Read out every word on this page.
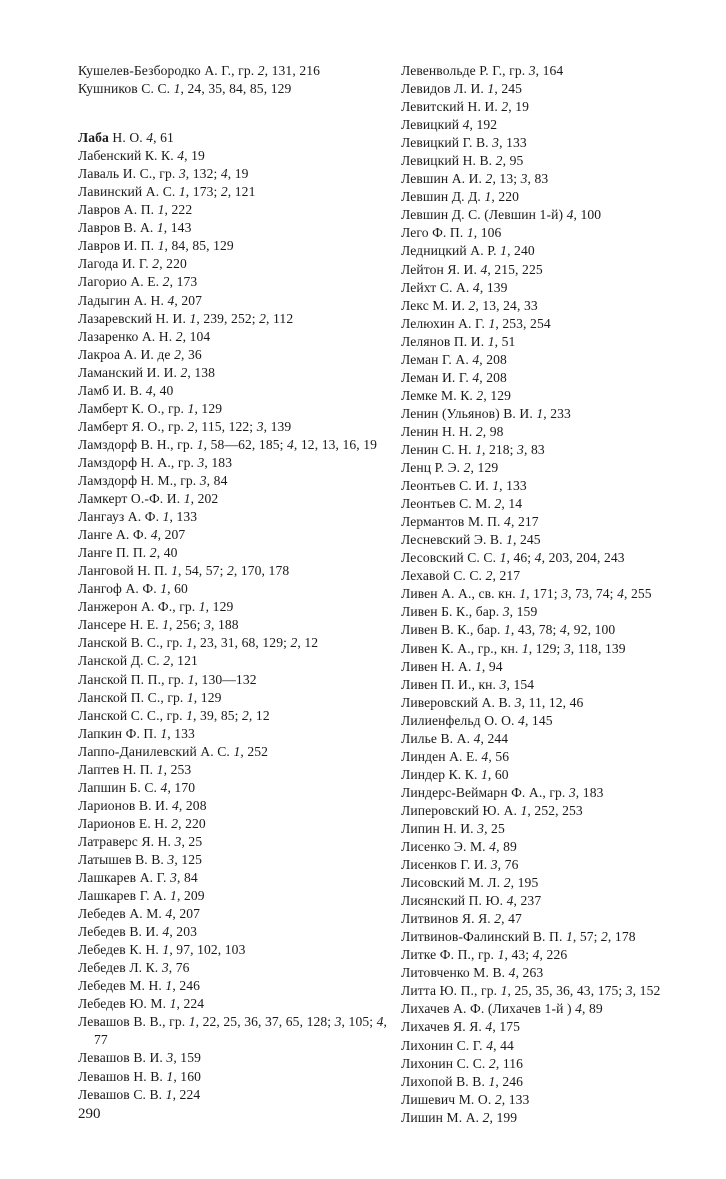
Кушелев-Безбородко А. Г., гр. 2, 131, 216
Кушников С. С. 1, 24, 35, 84, 85, 129
Лаба Н. О. 4, 61
Лабенский К. К. 4, 19
Лаваль И. С., гр. 3, 132; 4, 19
Лавинский А. С. 1, 173; 2, 121
Лавров А. П. 1, 222
Лавров В. А. 1, 143
Лавров И. П. 1, 84, 85, 129
Лагода И. Г. 2, 220
Лагорио А. Е. 2, 173
Ладыгин А. Н. 4, 207
Лазаревский Н. И. 1, 239, 252; 2, 112
Лазаренко А. Н. 2, 104
Лакроа А. И. де 2, 36
Ламанский И. И. 2, 138
Ламб И. В. 4, 40
Ламберт К. О., гр. 1, 129
Ламберт Я. О., гр. 2, 115, 122; 3, 139
Ламздорф В. Н., гр. 1, 58—62, 185; 4, 12, 13, 16, 19
Ламздорф Н. А., гр. 3, 183
Ламздорф Н. М., гр. 3, 84
Ламкерт О.-Ф. И. 1, 202
Лангауз А. Ф. 1, 133
Ланге А. Ф. 4, 207
Ланге П. П. 2, 40
Ланговой Н. П. 1, 54, 57; 2, 170, 178
Лангоф А. Ф. 1, 60
Ланжерон А. Ф., гр. 1, 129
Лансере Н. Е. 1, 256; 3, 188
Ланской В. С., гр. 1, 23, 31, 68, 129; 2, 12
Ланской Д. С. 2, 121
Ланской П. П., гр. 1, 130—132
Ланской П. С., гр. 1, 129
Ланской С. С., гр. 1, 39, 85; 2, 12
Лапкин Ф. П. 1, 133
Лаппо-Данилевский А. С. 1, 252
Лаптев Н. П. 1, 253
Лапшин Б. С. 4, 170
Ларионов В. И. 4, 208
Ларионов Е. Н. 2, 220
Латраверс Я. Н. 3, 25
Латышев В. В. 3, 125
Лашкарев А. Г. 3, 84
Лашкарев Г. А. 1, 209
Лебедев А. М. 4, 207
Лебедев В. И. 4, 203
Лебедев К. Н. 1, 97, 102, 103
Лебедев Л. К. 3, 76
Лебедев М. Н. 1, 246
Лебедев Ю. М. 1, 224
Левашов В. В., гр. 1, 22, 25, 36, 37, 65, 128; 3, 105; 4, 77
Левашов В. И. 3, 159
Левашов Н. В. 1, 160
Левашов С. В. 1, 224
Левенвольде Р. Г., гр. 3, 164
Левидов Л. И. 1, 245
Левитский Н. И. 2, 19
Левицкий 4, 192
Левицкий Г. В. 3, 133
Левицкий Н. В. 2, 95
Левшин А. И. 2, 13; 3, 83
Левшин Д. Д. 1, 220
Левшин Д. С. (Левшин 1-й) 4, 100
Лего Ф. П. 1, 106
Ледницкий А. Р. 1, 240
Лейтон Я. И. 4, 215, 225
Лейхт С. А. 4, 139
Лекс М. И. 2, 13, 24, 33
Лелюхин А. Г. 1, 253, 254
Лелянов П. И. 1, 51
Леман Г. А. 4, 208
Леман И. Г. 4, 208
Лемке М. К. 2, 129
Ленин (Ульянов) В. И. 1, 233
Ленин Н. Н. 2, 98
Ленин С. Н. 1, 218; 3, 83
Ленц Р. Э. 2, 129
Леонтьев С. И. 1, 133
Леонтьев С. М. 2, 14
Лермантов М. П. 4, 217
Лесневский Э. В. 1, 245
Лесовский С. С. 1, 46; 4, 203, 204, 243
Лехавой С. С. 2, 217
Ливен А. А., св. кн. 1, 171; 3, 73, 74; 4, 255
Ливен Б. К., бар. 3, 159
Ливен В. К., бар. 1, 43, 78; 4, 92, 100
Ливен К. А., гр., кн. 1, 129; 3, 118, 139
Ливен Н. А. 1, 94
Ливен П. И., кн. 3, 154
Ливеровский А. В. 3, 11, 12, 46
Лилиенфельд О. О. 4, 145
Лилье В. А. 4, 244
Линден А. Е. 4, 56
Линдер К. К. 1, 60
Линдерс-Веймарн Ф. А., гр. 3, 183
Липеровский Ю. А. 1, 252, 253
Липин Н. И. 3, 25
Лисенко Э. М. 4, 89
Лисенков Г. И. 3, 76
Лисовский М. Л. 2, 195
Лисянский П. Ю. 4, 237
Литвинов Я. Я. 2, 47
Литвинов-Фалинский В. П. 1, 57; 2, 178
Литке Ф. П., гр. 1, 43; 4, 226
Литовченко М. В. 4, 263
Литта Ю. П., гр. 1, 25, 35, 36, 43, 175; 3, 152
Лихачев А. Ф. (Лихачев 1-й ) 4, 89
Лихачев Я. Я. 4, 175
Лихонин С. Г. 4, 44
Лихонин С. С. 2, 116
Лихопой В. В. 1, 246
Лишевич М. О. 2, 133
Лишин М. А. 2, 199
290
